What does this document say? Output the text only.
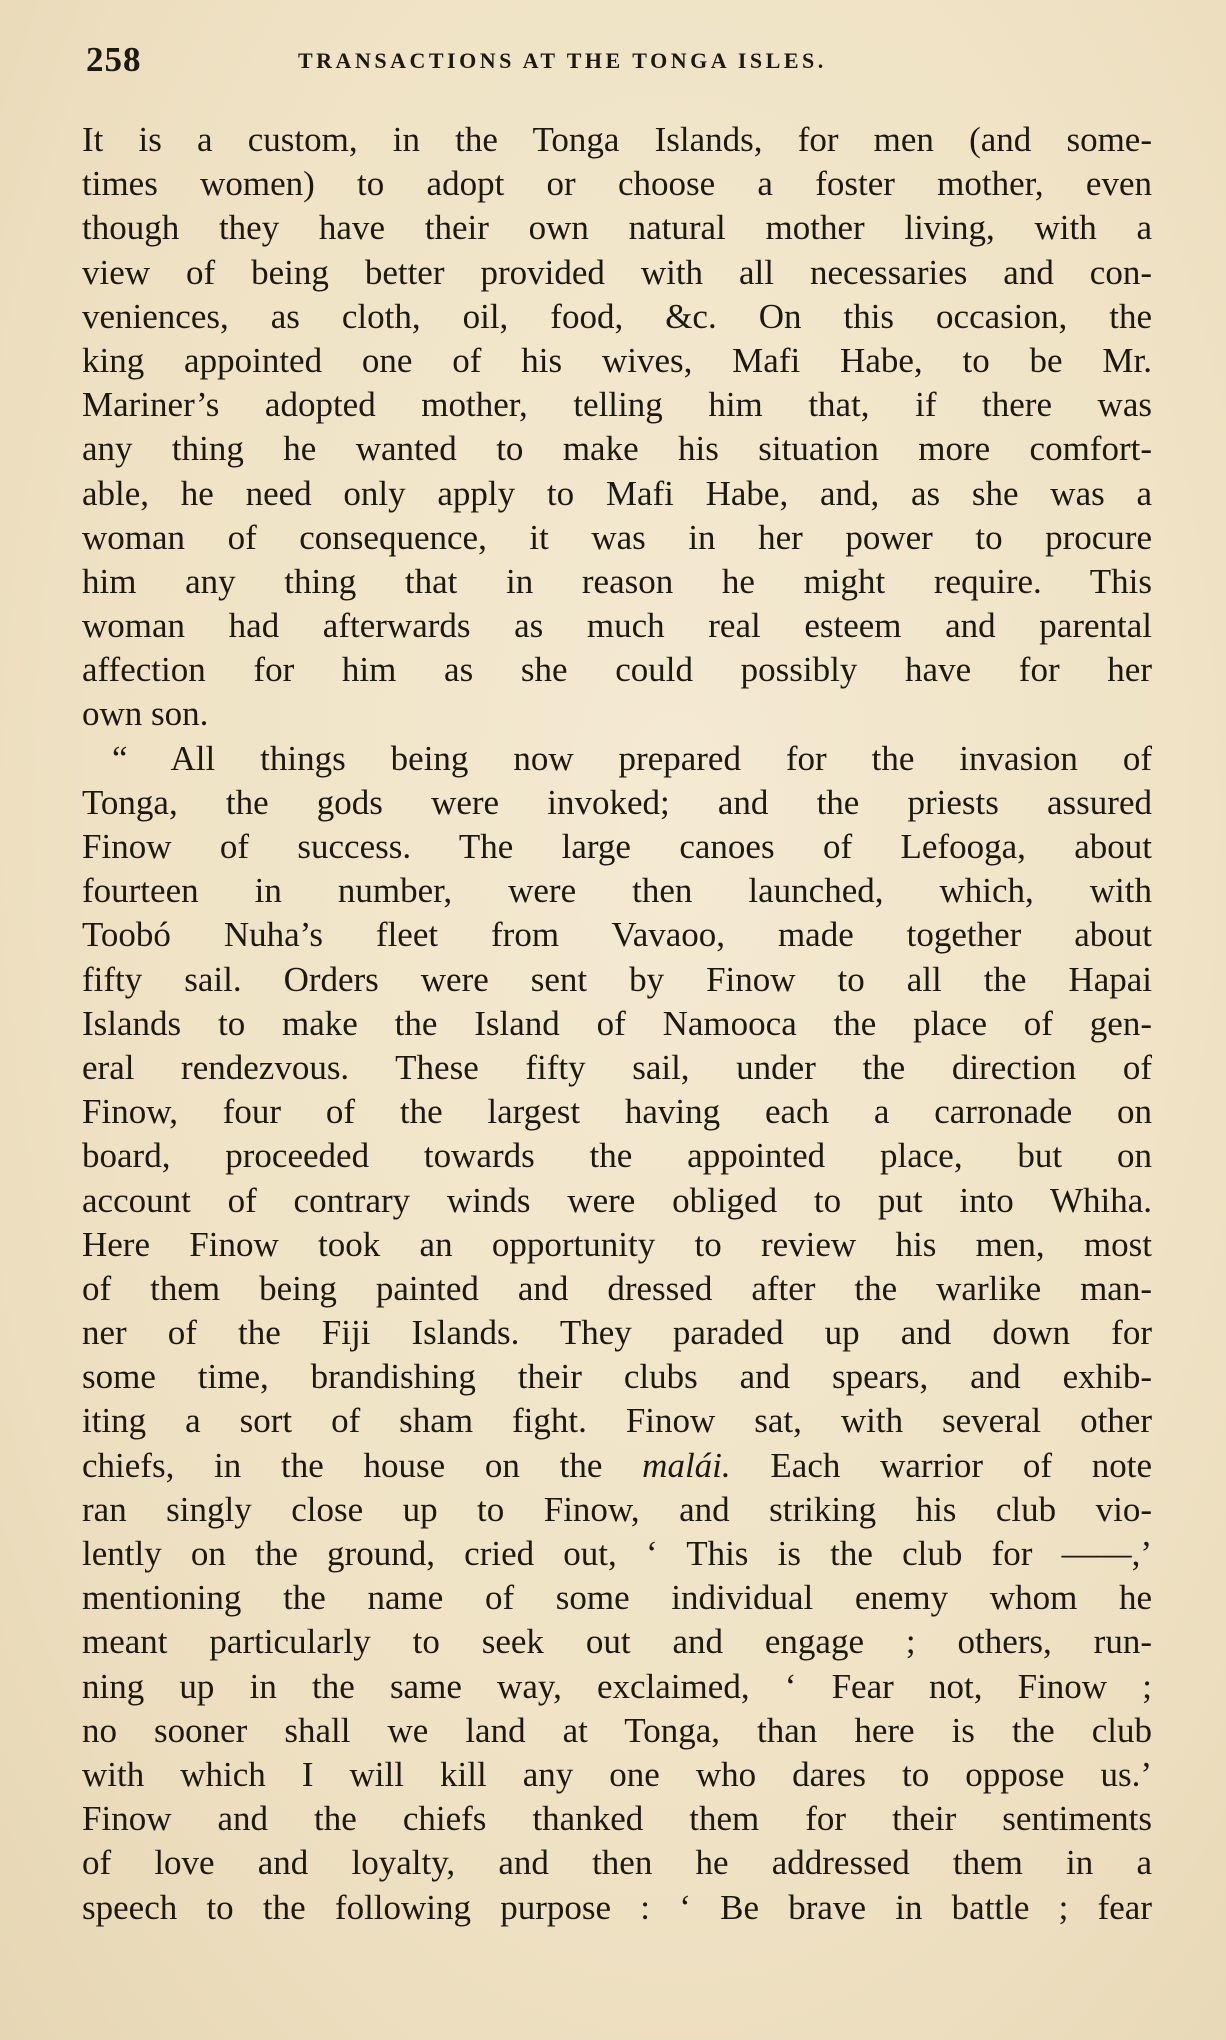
258	TRANSACTIONS AT THE TONGA ISLES.
It is a custom, in the Tonga Islands, for men (and some-
times women) to adopt or choose a foster mother, even
though they have their own natural mother living, with a
view of being better provided with all necessaries and con-
veniences, as cloth, oil, food, &c. On this occasion, the
king appointed one of his wives, Mafi Habe, to be Mr.
Mariner’s adopted mother, telling him that, if there was
any thing he wanted to make his situation more comfort-
able, he need only apply to Mafi Habe, and, as she was a
woman of consequence, it was in her power to procure
him any thing that in reason he might require. This
woman had afterwards as much real esteem and parental
affection for him as she could possibly have for her
own son.
“ All things being now prepared for the invasion of
Tonga, the gods were invoked; and the priests assured
Finow of success. The large canoes of Lefooga, about
fourteen in number, were then launched, which, with
Toobó Nuha’s fleet from Vavaoo, made together about
fifty sail. Orders were sent by Finow to all the Hapai
Islands to make the Island of Namooca the place of gen-
eral rendezvous. These fifty sail, under the direction of
Finow, four of the largest having each a carronade on
board, proceeded towards the appointed place, but on
account of contrary winds were obliged to put into Whiha.
Here Finow took an opportunity to review his men, most
of them being painted and dressed after the warlike man-
ner of the Fiji Islands. They paraded up and down for
some time, brandishing their clubs and spears, and exhib-
iting a sort of sham fight. Finow sat, with several other
chiefs, in the house on the malái. Each warrior of note
ran singly close up to Finow, and striking his club vio-
lently on the ground, cried out, ‘ This is the club for ——,’
mentioning the name of some individual enemy whom he
meant particularly to seek out and engage ; others, run-
ning up in the same way, exclaimed, ‘ Fear not, Finow ;
no sooner shall we land at Tonga, than here is the club
with which I will kill any one who dares to oppose us.’
Finow and the chiefs thanked them for their sentiments
of love and loyalty, and then he addressed them in a
speech to the following purpose : ‘ Be brave in battle ; fear
